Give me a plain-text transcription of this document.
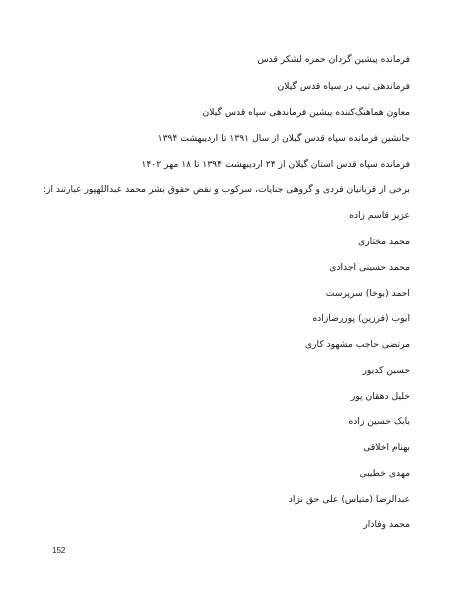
فرمانده پیشین گردان حمزه لشکر قدس
فرماندهی تیپ در سپاه قدس گیلان
معاون هماهنگ‌کننده پیشین فرماندهی سپاه قدس گیلان
جانشین فرمانده سپاه قدس گیلان از سال ۱۳۹۱ تا اردیبهشت ۱۳۹۴
فرمانده سپاه قدس استان گیلان از ۲۴ اردیبهشت ۱۳۹۴ تا ۱۸ مهر ۱۴۰۲
برخی از قربانیان فردی و گروهی جنایات، سرکوب و نقض حقوق بشر محمد عبداللهپور عبارتند از:
عزیز قاسم زاده
محمد مختاری
محمد حسینی اجدادی
احمد (بوخا) سرپرست
ایوب (فرزین) پوررضازاده
مرتضی حاجب مشهود کاری
حسین کدیور
خلیل دهقان پور
بابک حسین زاده
بهنام اخلاقی
مهدی خطیبی
عبدالرضا (متیاس) علی حق نژاد
محمد وفادار
152
